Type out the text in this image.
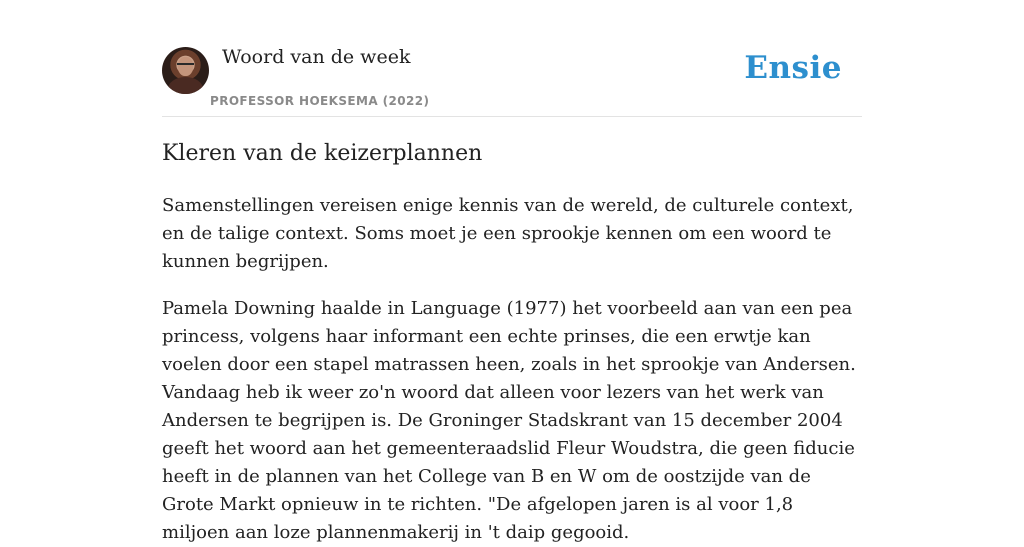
Woord van de week
PROFESSOR HOEKSEMA (2022)
Ensie
Kleren van de keizerplannen

Samenstellingen vereisen enige kennis van de wereld, de culturele context, en de talige context. Soms moet je een sprookje kennen om een woord te kunnen begrijpen.

Pamela Downing haalde in Language (1977) het voorbeeld aan van een pea princess, volgens haar informant een echte prinses, die een erwtje kan voelen door een stapel matrassen heen, zoals in het sprookje van Andersen. Vandaag heb ik weer zo'n woord dat alleen voor lezers van het werk van Andersen te begrijpen is. De Groninger Stadskrant van 15 december 2004 geeft het woord aan het gemeenteraadslid Fleur Woudstra, die geen fiducie heeft in de plannen van het College van B en W om de oostzijde van de Grote Markt opnieuw in te richten. "De afgelopen jaren is al voor 1,8 miljoen aan loze plannenmakerij in 't daip gegooid.
